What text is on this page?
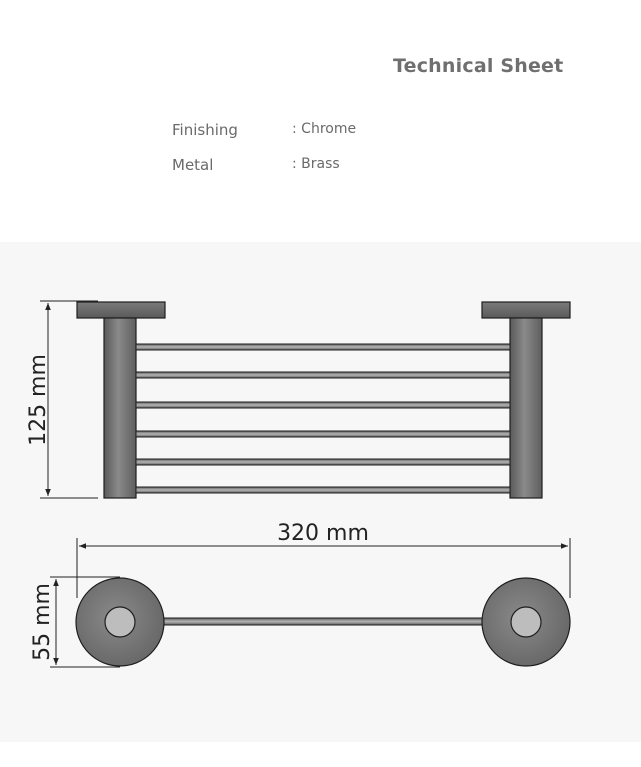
Technical Sheet
Finishing	: Chrome
Metal	: Brass
125 mm
320 mm
55 mm
